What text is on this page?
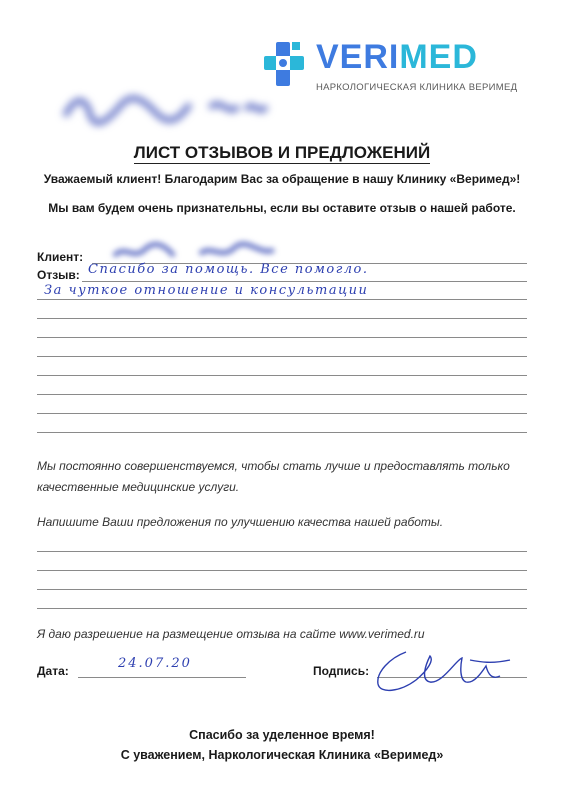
VERIMED
НАРКОЛОГИЧЕСКАЯ КЛИНИКА ВЕРИМЕД
ЛИСТ ОТЗЫВОВ И ПРЕДЛОЖЕНИЙ
Уважаемый клиент! Благодарим Вас за обращение в нашу Клинику «Веримед»!
Мы вам будем очень признательны, если вы оставите отзыв о нашей работе.
Клиент:
Отзыв: Спасибо за помощь. Все помогло.
За чуткое отношение и консультации
Мы постоянно совершенствуемся, чтобы стать лучше и предоставлять только
качественные медицинские услуги.
Напишите Ваши предложения по улучшению качества нашей работы.
Я даю разрешение на размещение отзыва на сайте www.verimed.ru
Дата:	24.07.20	Подпись:
Спасибо за уделенное время!
С уважением, Наркологическая Клиника «Веримед»
